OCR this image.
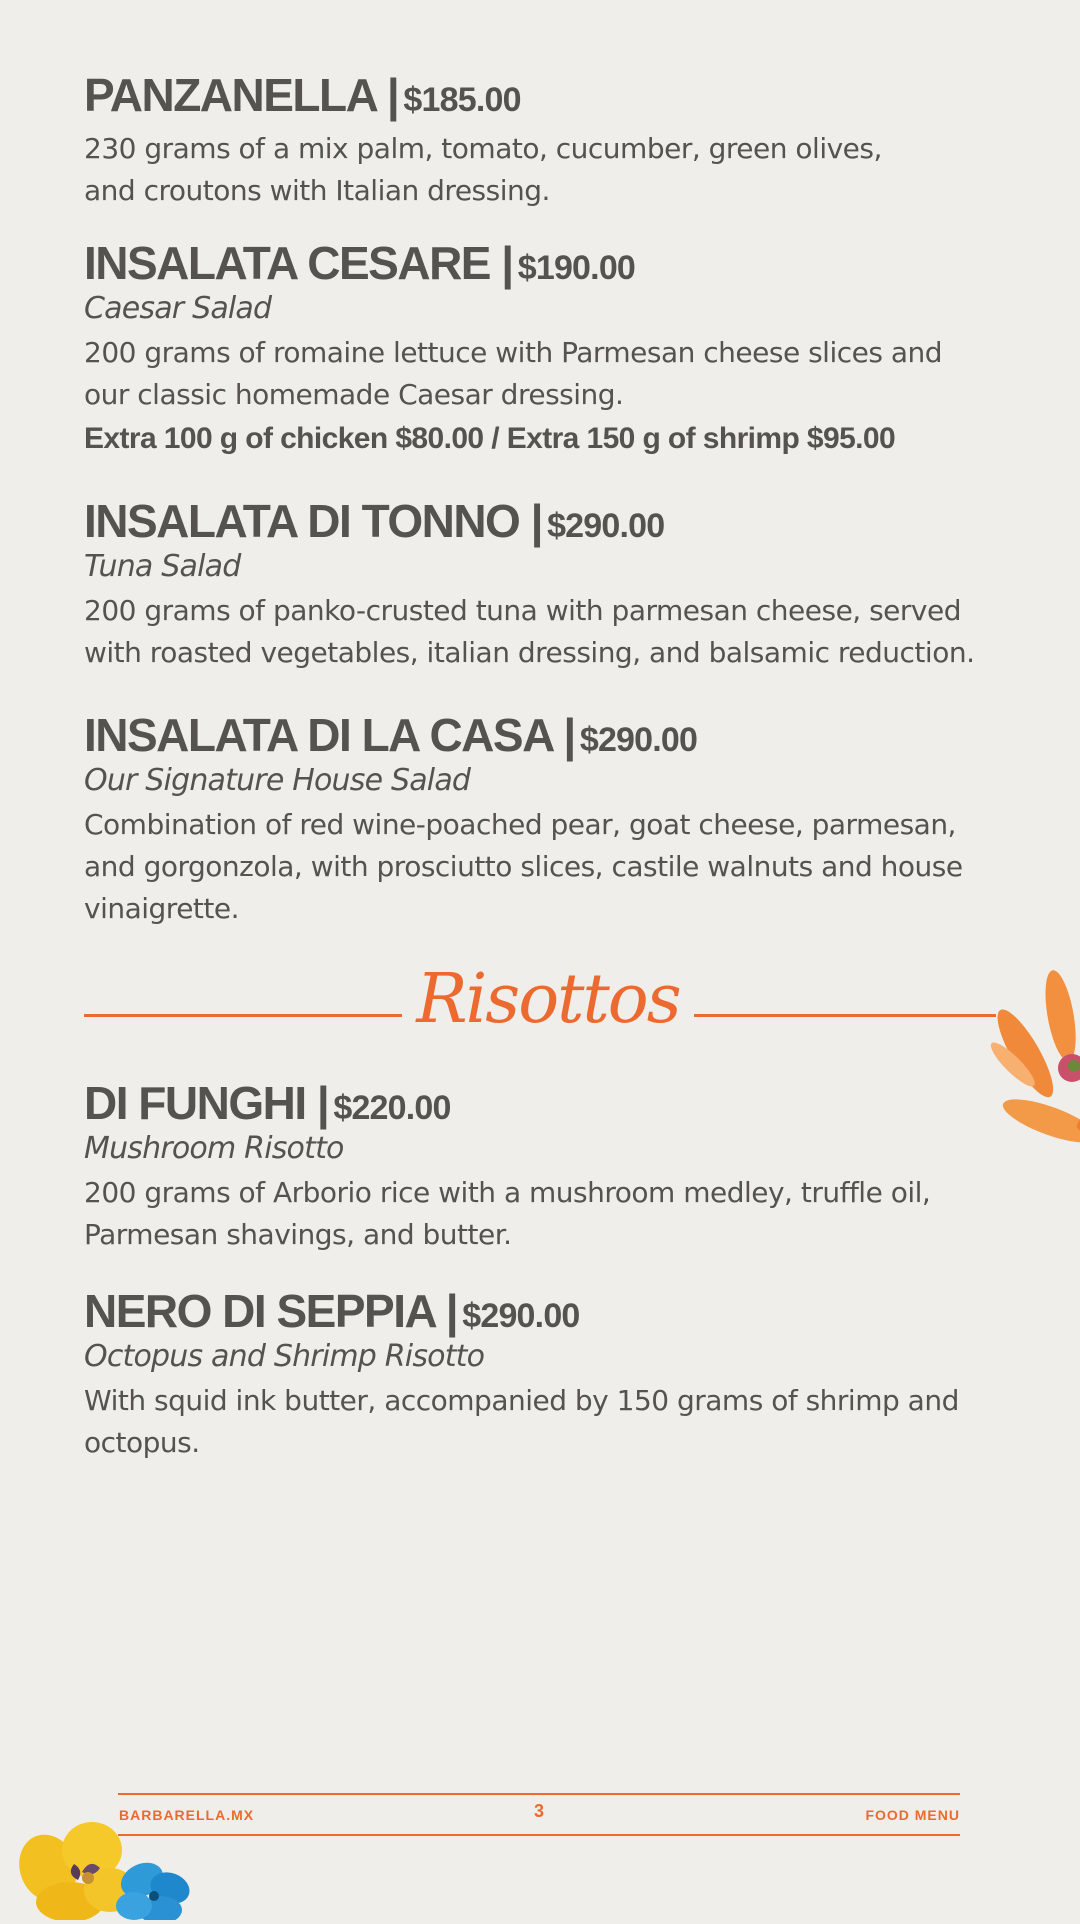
PANZANELLA | $185.00
230 grams of a mix palm, tomato, cucumber, green olives,
and croutons with Italian dressing.
INSALATA CESARE | $190.00
Caesar Salad
200 grams of romaine lettuce with Parmesan cheese slices and
our classic homemade Caesar dressing.
Extra 100 g of chicken $80.00 / Extra 150 g of shrimp $95.00
INSALATA DI TONNO | $290.00
Tuna Salad
200 grams of panko-crusted tuna with parmesan cheese, served
with roasted vegetables, italian dressing, and balsamic reduction.
INSALATA DI LA CASA | $290.00
Our Signature House Salad
Combination of red wine-poached pear, goat cheese, parmesan,
and gorgonzola, with prosciutto slices, castile walnuts and house
vinaigrette.
DI FUNGHI | $220.00
Mushroom Risotto
200 grams of Arborio rice with a mushroom medley, truffle oil,
Parmesan shavings, and butter.
NERO DI SEPPIA | $290.00
Octopus and Shrimp Risotto
With squid ink butter, accompanied by 150 grams of shrimp and
octopus.
Risottos
BARBARELLA.MX	3	FOOD MENU
